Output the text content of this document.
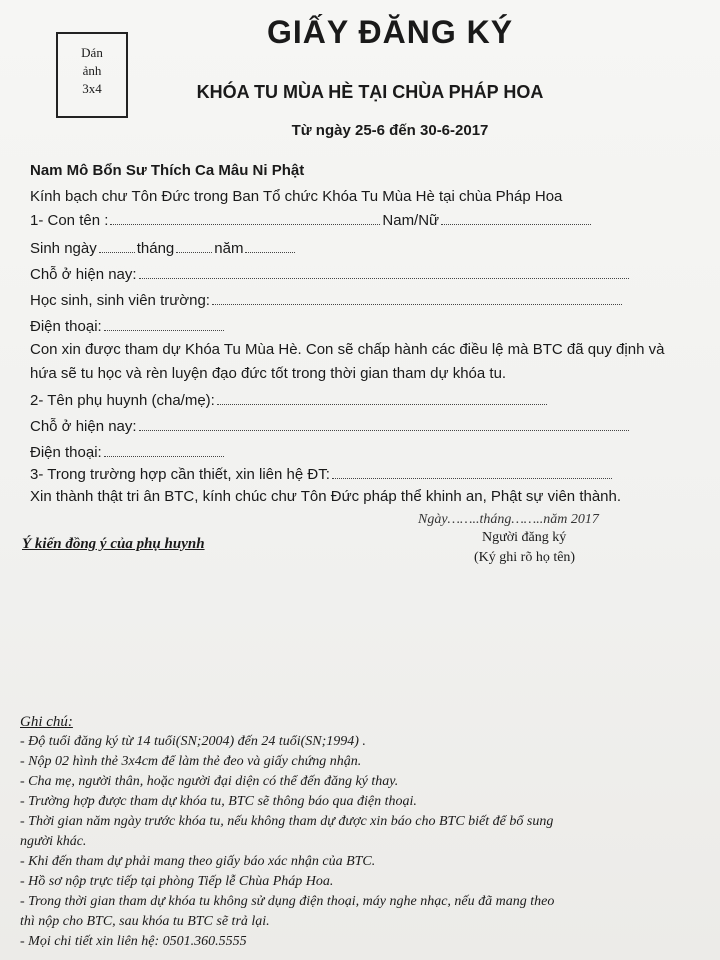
Dán
ảnh
3x4
GIẤY ĐĂNG KÝ
KHÓA TU MÙA HÈ TẠI CHÙA PHÁP HOA
Từ ngày 25-6 đến 30-6-2017
Nam Mô Bổn Sư Thích Ca Mâu Ni Phật
Kính bạch chư Tôn Đức trong Ban Tổ chức Khóa Tu Mùa Hè tại chùa Pháp Hoa
1- Con tên :	Nam/Nữ
Sinh ngày	tháng	năm
Chỗ ở hiện nay:
Học sinh, sinh viên trường:
Điện thoại:
Con xin được tham dự Khóa Tu Mùa Hè. Con sẽ chấp hành các điều lệ mà BTC đã quy định và hứa sẽ tu học và rèn luyện đạo đức tốt trong thời gian tham dự khóa tu.
2- Tên phụ huynh (cha/mẹ):
Chỗ ở hiện nay:
Điện thoại:
3- Trong trường hợp cần thiết, xin liên hệ ĐT:
Xin thành thật tri ân BTC, kính chúc chư Tôn Đức pháp thể khinh an, Phật sự viên thành.
Ngày……..tháng……..năm 2017
Người đăng ký
(Ký ghi rõ họ tên)
Ý kiến đồng ý của phụ huynh
Ghi chú:
- Độ tuổi đăng ký từ 14 tuổi(SN;2004) đến 24 tuổi(SN;1994) .
- Nộp 02 hình thẻ 3x4cm để làm thẻ đeo và giấy chứng nhận.
- Cha mẹ, người thân, hoặc người đại diện có thể đến đăng ký thay.
- Trường hợp được tham dự khóa tu, BTC sẽ thông báo qua điện thoại.
- Thời gian năm ngày trước khóa tu, nếu không tham dự được xin báo cho BTC biết để bổ sung
người khác.
- Khi đến tham dự phải mang theo giấy báo xác nhận của BTC.
- Hồ sơ nộp trực tiếp tại phòng Tiếp lễ Chùa Pháp Hoa.
- Trong thời gian tham dự khóa tu không sử dụng điện thoại, máy nghe nhạc, nếu đã mang theo
thì nộp cho BTC, sau khóa tu BTC sẽ trả lại.
- Mọi chi tiết xin liên hệ: 0501.360.5555
